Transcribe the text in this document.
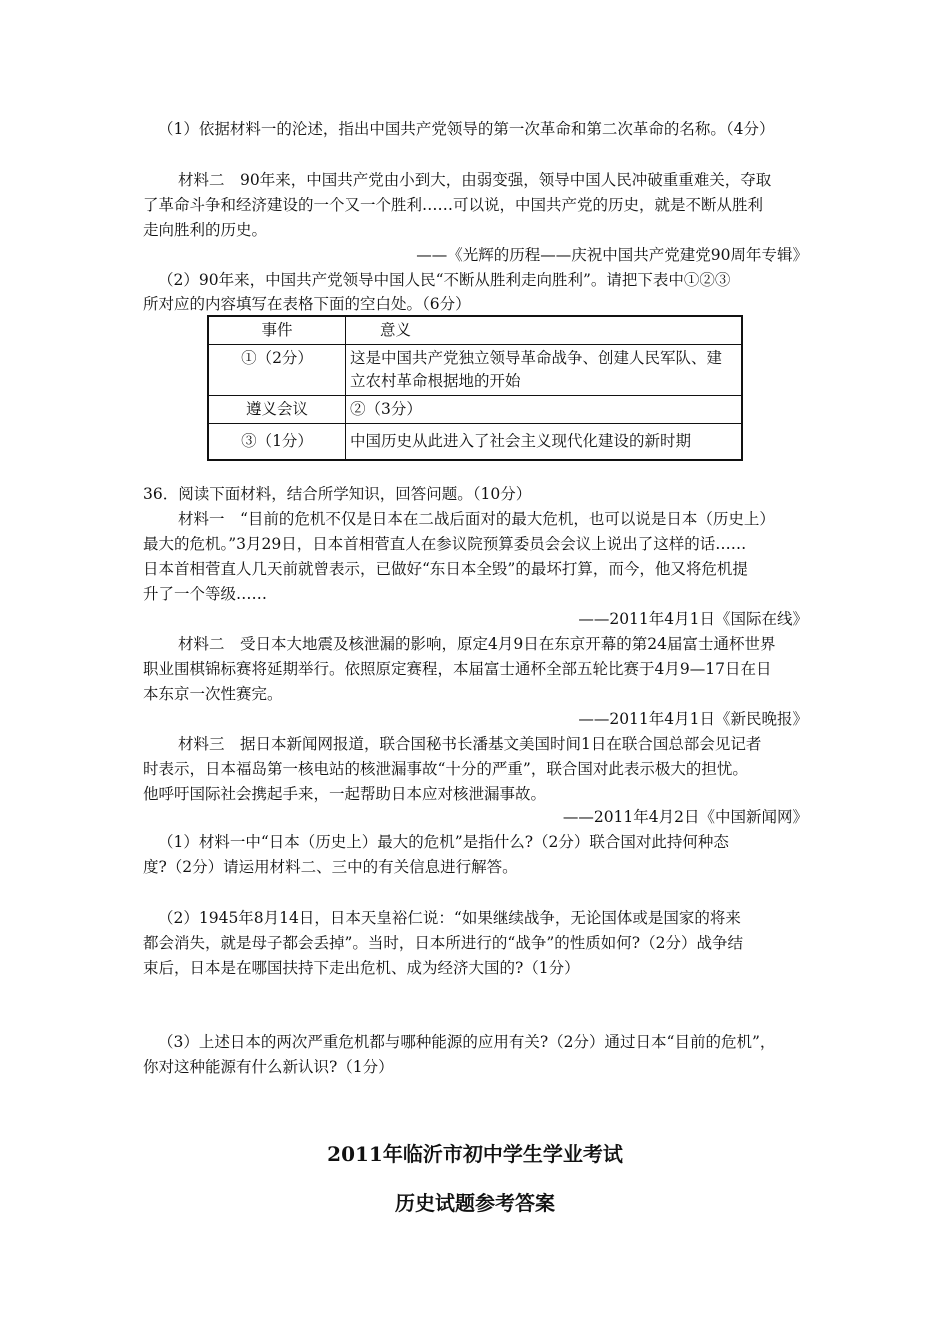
（1）依据材料一的沦述，指出中国共产党领导的第一次革命和第二次革命的名称。（4分）
材料二　90年来，中国共产党由小到大，由弱变强，领导中国人民冲破重重难关，夺取
了革命斗争和经济建设的一个又一个胜利……可以说，中国共产党的历史，就是不断从胜利
走向胜利的历史。
——《光辉的历程——庆祝中国共产党建党90周年专辑》
（2）90年来，中国共产党领导中国人民“不断从胜利走向胜利”。请把下表中①②③
所对应的内容填写在表格下面的空白处。（6分）
事件	意义
①（2分）	这是中国共产党独立领导革命战争、创建人民军队、建
立农村革命根据地的开始

遵义会议	②（3分）

③（1分）	中国历史从此进入了社会主义现代化建设的新时期
36．阅读下面材料，结合所学知识，回答问题。（10分）
材料一　“目前的危机不仅是日本在二战后面对的最大危机，也可以说是日本（历史上）
最大的危机。”3月29日，日本首相菅直人在参议院预算委员会会议上说出了这样的话……
日本首相菅直人几天前就曾表示，已做好“东日本全毁”的最坏打算，而今，他又将危机提
升了一个等级……
——2011年4月1日《国际在线》
材料二　受日本大地震及核泄漏的影响，原定4月9日在东京开幕的第24届富士通杯世界
职业围棋锦标赛将延期举行。依照原定赛程，本届富士通杯全部五轮比赛于4月9—17日在日
本东京一次性赛完。
——2011年4月1日《新民晚报》
材料三　据日本新闻网报道，联合国秘书长潘基文美国时间1日在联合国总部会见记者
时表示，日本福岛第一核电站的核泄漏事故“十分的严重”，联合国对此表示极大的担忧。
他呼吁国际社会携起手来，一起帮助日本应对核泄漏事故。
——2011年4月2日《中国新闻网》
（1）材料一中“日本（历史上）最大的危机”是指什么?（2分）联合国对此持何种态
度?（2分）请运用材料二、三中的有关信息进行解答。
（2）1945年8月14日，日本天皇裕仁说：“如果继续战争，无论国体或是国家的将来
都会消失，就是母子都会丢掉”。当时，日本所进行的“战争”的性质如何?（2分）战争结
束后，日本是在哪国扶持下走出危机、成为经济大国的?（1分）
（3）上述日本的两次严重危机都与哪种能源的应用有关?（2分）通过日本“目前的危机”，
你对这种能源有什么新认识?（1分）
2011年临沂市初中学生学业考试
历史试题参考答案
